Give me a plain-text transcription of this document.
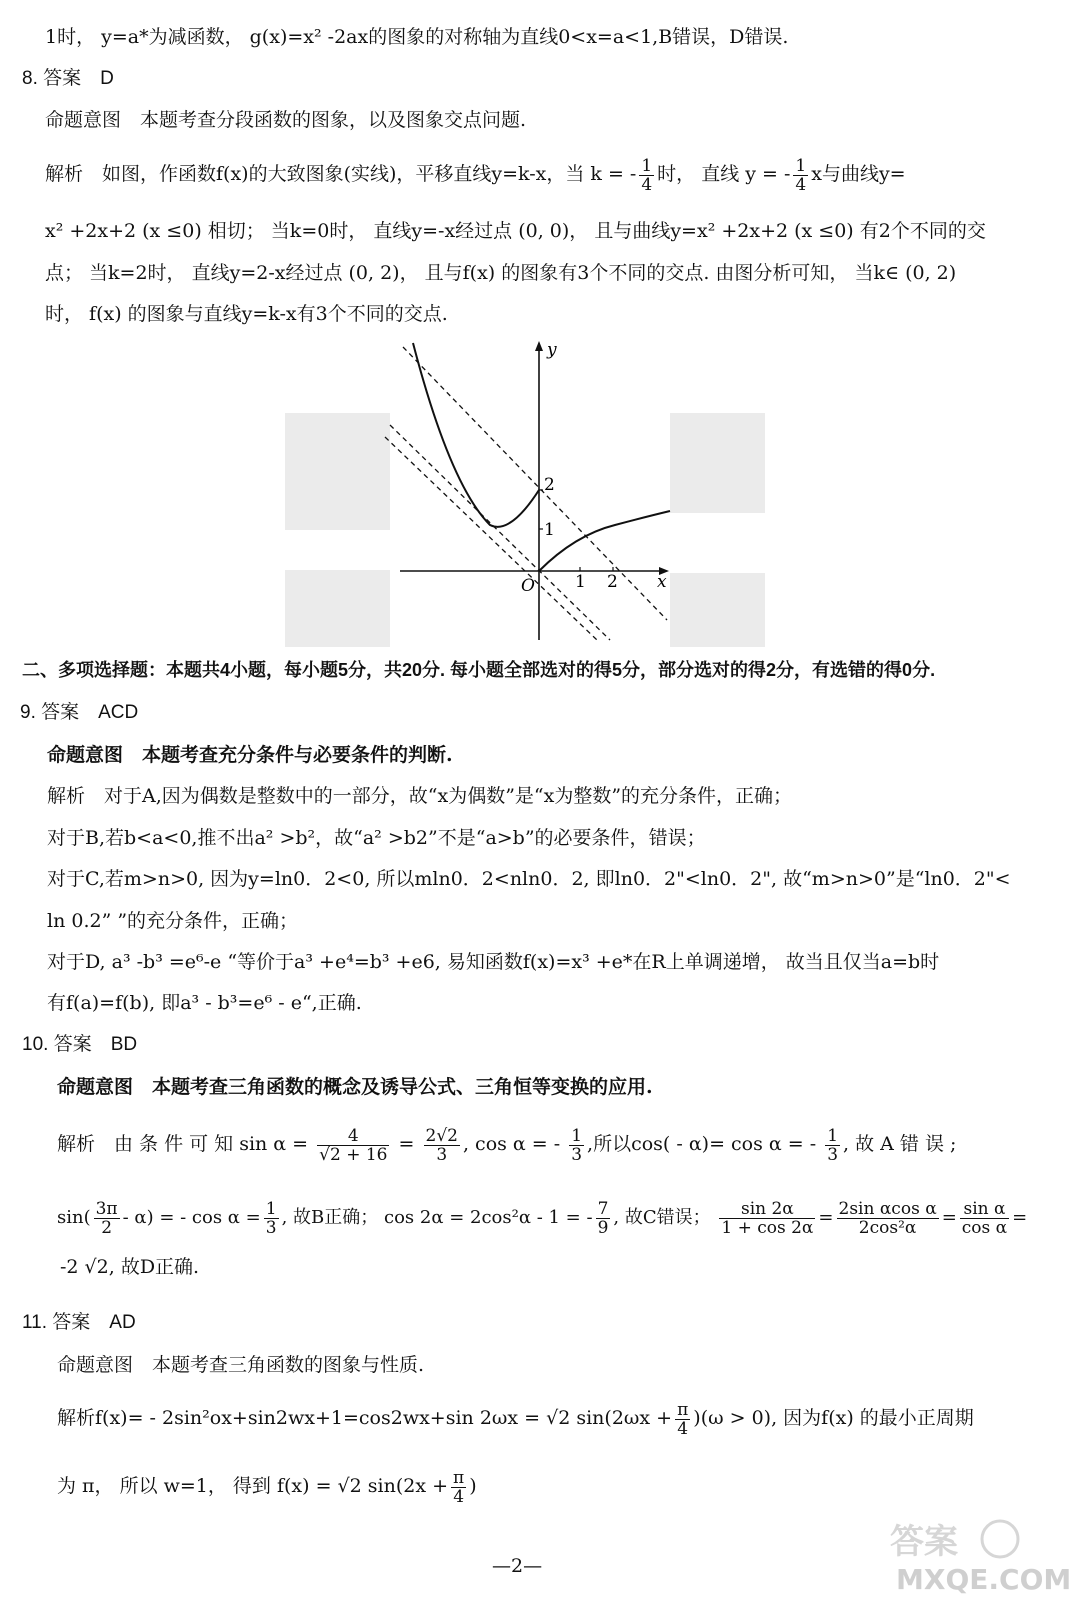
1时， y=a*为减函数， g(x)=x² -2ax的图象的对称轴为直线0<x=a<1,B错误，D错误.
8. 答案　D
命题意图　本题考查分段函数的图象，以及图象交点问题.
解析　如图，作函数f(x)的大致图象(实线)，平移直线y=k-x，当 k = - $\frac{1}{4}$ 时， 直线 y = - $\frac{1}{4}$ x与曲线y=
x² +2x+2 (x ≤0) 相切； 当k=0时， 直线y=-x经过点 (0, 0)， 且与曲线y=x² +2x+2 (x ≤0) 有2个不同的交
点； 当k=2时， 直线y=2-x经过点 (0, 2)， 且与f(x) 的图象有3个不同的交点. 由图分析可知， 当k∈ (0, 2)
时， f(x) 的图象与直线y=k-x有3个不同的交点.
y
x
O 1 2
1
2
二、多项选择题：本题共4小题，每小题5分，共20分. 每小题全部选对的得5分，部分选对的得2分，有选错的得0分.
9. 答案　ACD
命题意图　本题考查充分条件与必要条件的判断.
解析　对于A,因为偶数是整数中的一部分，故“x为偶数”是“x为整数”的充分条件，正确；
对于B,若b<a<0,推不出a² >b²，故“a² >b2”不是“a>b”的必要条件，错误；
对于C,若m>n>0, 因为y=ln0．2<0, 所以mln0．2<nln0．2, 即ln0．2"<ln0．2", 故“m>n>0”是“ln0．2"<
ln 0.2” ”的充分条件，正确；
对于D, a³ -b³ =e⁶-e “等价于a³ +e⁴=b³ +e6, 易知函数f(x)=x³ +e*在R上单调递增， 故当且仅当a=b时
有f(a)=f(b), 即a³ - b³=e⁶ - e“,正确.
10. 答案　BD
命题意图　本题考查三角函数的概念及诱导公式、三角恒等变换的应用.
解析　由 条 件 可 知 $\sin \alpha = \frac{4}{√2 + 16} = \frac{2√2}{3}$ , cos α = - $\frac{1}{3}$ ,所以cos( - α)= cos α = - $\frac{1}{3}$ , 故 A 错 误 ;
$\sin( \frac{3\pi}{2} - \alpha)$ = - $\cos \alpha = \frac{1}{3}$ , 故B正确； cos 2α = 2cos²α - 1 = - $\frac{7}{9}$ , 故C错误； $\frac{\sin 2\alpha}{1 + \cos 2\alpha} = \frac{\text{2sin αcos α}}{\text{2cos²α}} = \frac{\text{sin α}}{\text{cos α}}$ =
-2 √2, 故D正确.
11. 答案　AD
命题意图　本题考查三角函数的图象与性质.
解析f(x)= - 2sin²ox+sin2wx+1=cos2wx+sin 2ωx = √2 $\sin(2\omega x + \frac{\pi}{4} )(\omega > 0)$, 因为f(x) 的最小正周期
为 π， 所以 w=1， 得到 f(x) = √2 $\sin(2x + \frac{\pi}{4}$ )
—2—
答案
MXQE.COM
